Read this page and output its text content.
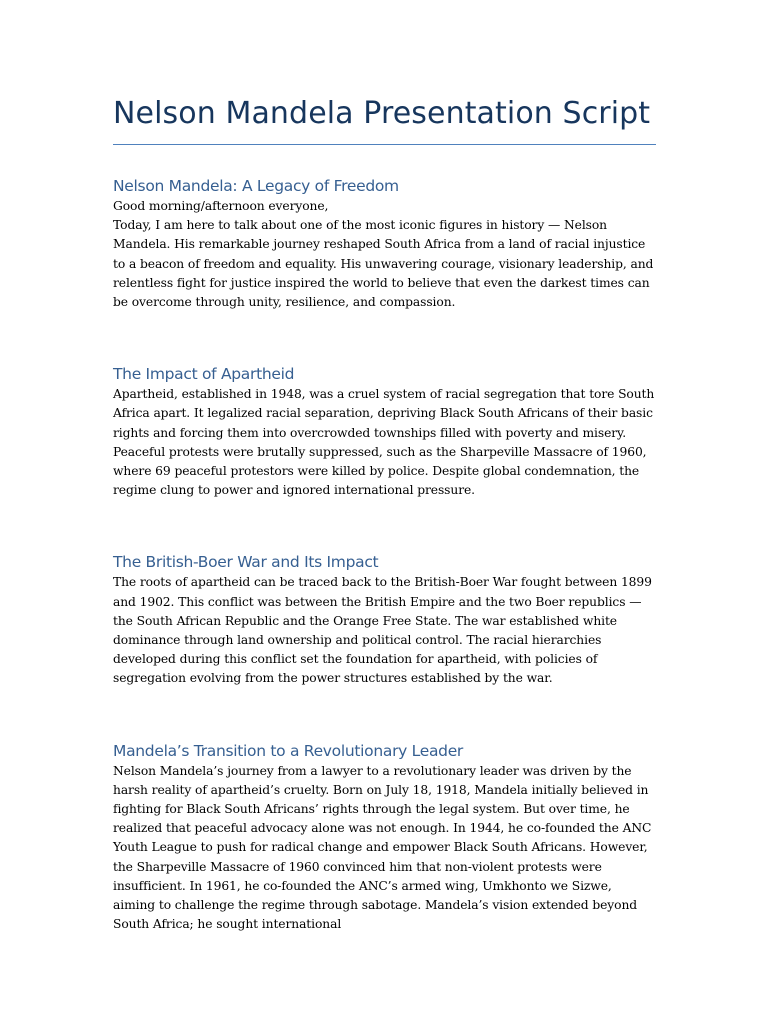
Nelson Mandela Presentation Script
Nelson Mandela: A Legacy of Freedom

Good morning/afternoon everyone,

Today, I am here to talk about one of the most iconic figures in history — Nelson Mandela. His remarkable journey reshaped South Africa from a land of racial injustice to a beacon of freedom and equality. His unwavering courage, visionary leadership, and relentless fight for justice inspired the world to believe that even the darkest times can be overcome through unity, resilience, and compassion.

The Impact of Apartheid

Apartheid, established in 1948, was a cruel system of racial segregation that tore South Africa apart. It legalized racial separation, depriving Black South Africans of their basic rights and forcing them into overcrowded townships filled with poverty and misery. Peaceful protests were brutally suppressed, such as the Sharpeville Massacre of 1960, where 69 peaceful protestors were killed by police. Despite global condemnation, the regime clung to power and ignored international pressure.

The British-Boer War and Its Impact

The roots of apartheid can be traced back to the British-Boer War fought between 1899 and 1902. This conflict was between the British Empire and the two Boer republics — the South African Republic and the Orange Free State. The war established white dominance through land ownership and political control. The racial hierarchies developed during this conflict set the foundation for apartheid, with policies of segregation evolving from the power structures established by the war.

Mandela’s Transition to a Revolutionary Leader

Nelson Mandela’s journey from a lawyer to a revolutionary leader was driven by the harsh reality of apartheid’s cruelty. Born on July 18, 1918, Mandela initially believed in fighting for Black South Africans’ rights through the legal system. But over time, he realized that peaceful advocacy alone was not enough. In 1944, he co-founded the ANC Youth League to push for radical change and empower Black South Africans. However, the Sharpeville Massacre of 1960 convinced him that non-violent protests were insufficient. In 1961, he co-founded the ANC’s armed wing, Umkhonto we Sizwe, aiming to challenge the regime through sabotage. Mandela’s vision extended beyond South Africa; he sought international
